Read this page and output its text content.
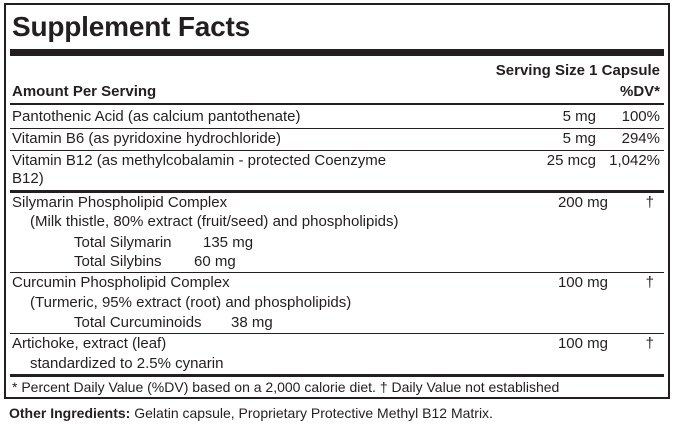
Supplement Facts
Serving Size 1 Capsule
Amount Per Serving	%DV*
Pantothenic Acid (as calcium pantothenate)	5 mg 100%
Vitamin B6 (as pyridoxine hydrochloride)	5 mg 294%
Vitamin B12 (as methylcobalamin - protected Coenzyme
B12)
25 mcg 1,042%
Silymarin Phospholipid Complex	200 mg	†
(Milk thistle, 80% extract (fruit/seed) and phospholipids)
Total Silymarin 135 mg
Total Silybins 60 mg
Curcumin Phospholipid Complex	100 mg	†
(Turmeric, 95% extract (root) and phospholipids)
Total Curcuminoids 38 mg
Artichoke, extract (leaf)	100 mg	†
standardized to 2.5% cynarin
* Percent Daily Value (%DV) based on a 2,000 calorie diet. † Daily Value not established
Other Ingredients: Gelatin capsule, Proprietary Protective Methyl B12 Matrix.
